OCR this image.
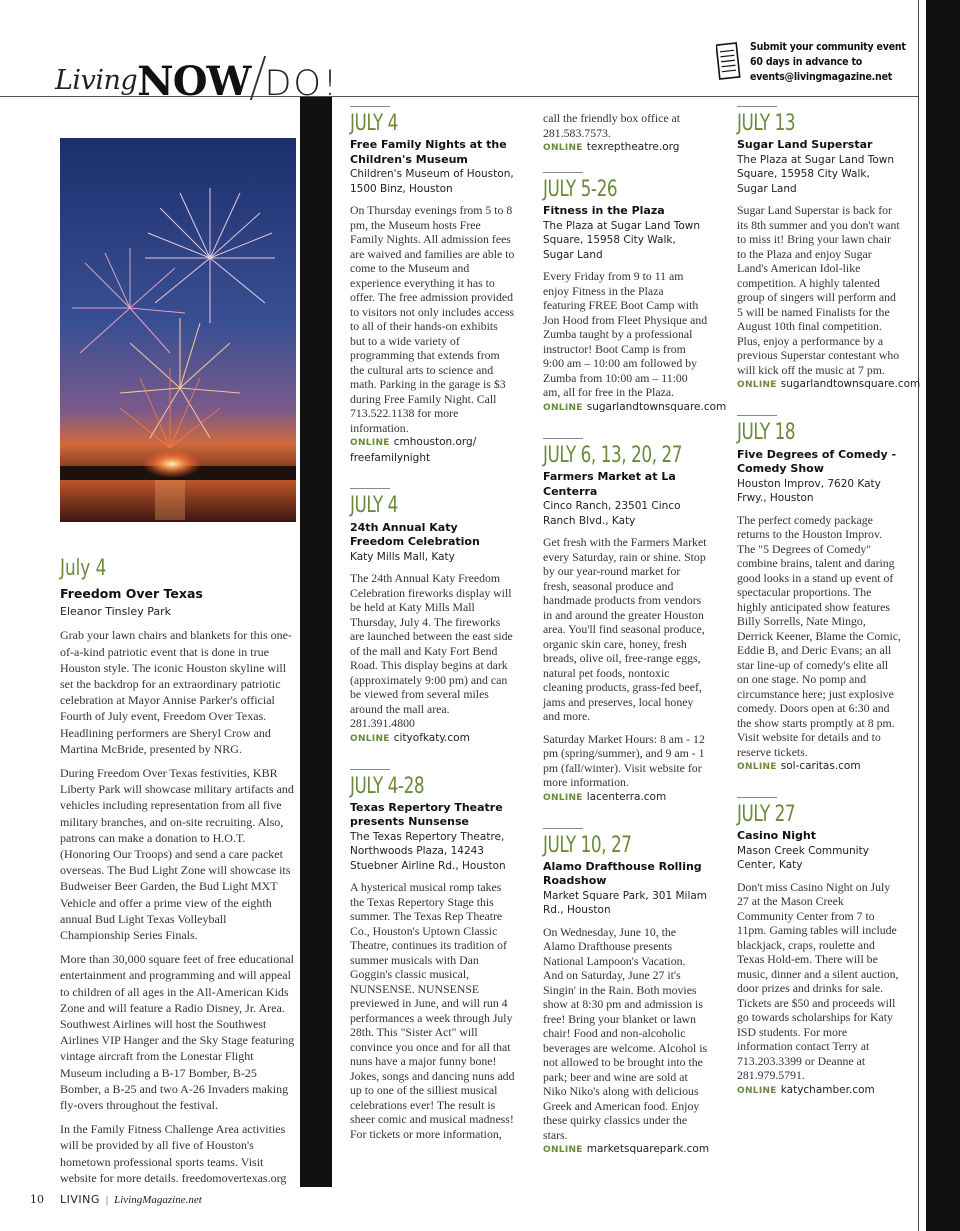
Living NOW DO!
Submit your community event
60 days in advance to
events@livingmagazine.net
July 4
Freedom Over Texas
Eleanor Tinsley Park

Grab your lawn chairs and blankets for this one-of-a-kind patriotic event that is done in true Houston style. The iconic Houston skyline will set the backdrop for an extraordinary patriotic celebration at Mayor Annise Parker's official Fourth of July event, Freedom Over Texas. Headlining performers are Sheryl Crow and Martina McBride, presented by NRG.

During Freedom Over Texas festivities, KBR Liberty Park will showcase military artifacts and vehicles including representation from all five military branches, and on-site recruiting. Also, patrons can make a donation to H.O.T. (Honoring Our Troops) and send a care packet overseas. The Bud Light Zone will showcase its Budweiser Beer Garden, the Bud Light MXT Vehicle and offer a prime view of the eighth annual Bud Light Texas Volleyball Championship Series Finals.

More than 30,000 square feet of free educational entertainment and programming and will appeal to children of all ages in the All-American Kids Zone and will feature a Radio Disney, Jr. Area. Southwest Airlines will host the Southwest Airlines VIP Hanger and the Sky Stage featuring vintage aircraft from the Lonestar Flight Museum including a B-17 Bomber, B-25 Bomber, a B-25 and two A-26 Invaders making fly-overs throughout the festival.

In the Family Fitness Challenge Area activities will be provided by all five of Houston's hometown professional sports teams. Visit website for more details. freedomovertexas.org

JULY 4
Free Family Nights at the Children's Museum
Children's Museum of Houston, 1500 Binz, Houston

On Thursday evenings from 5 to 8 pm, the Museum hosts Free Family Nights. All admission fees are waived and families are able to come to the Museum and experience everything it has to offer. The free admission provided to visitors not only includes access to all of their hands-on exhibits but to a wide variety of programming that extends from the cultural arts to science and math. Parking in the garage is $3 during Free Family Night. Call 713.522.1138 for more information.

ONLINE cmhouston.org/ freefamilynight
JULY 4
24th Annual Katy Freedom Celebration
Katy Mills Mall, Katy

The 24th Annual Katy Freedom Celebration fireworks display will be held at Katy Mills Mall Thursday, July 4. The fireworks are launched between the east side of the mall and Katy Fort Bend Road. This display begins at dark (approximately 9:00 pm) and can be viewed from several miles around the mall area. 281.391.4800

ONLINE cityofkaty.com
JULY 4-28
Texas Repertory Theatre presents Nunsense
The Texas Repertory Theatre, Northwoods Plaza, 14243 Stuebner Airline Rd., Houston

A hysterical musical romp takes the Texas Repertory Stage this summer. The Texas Rep Theatre Co., Houston's Uptown Classic Theatre, continues its tradition of summer musicals with Dan Goggin's classic musical, NUNSENSE. NUNSENSE previewed in June, and will run 4 performances a week through July 28th. This "Sister Act" will convince you once and for all that nuns have a major funny bone! Jokes, songs and dancing nuns add up to one of the silliest musical celebrations ever! The result is sheer comic and musical madness! For tickets or more information,

call the friendly box office at 281.583.7573.

ONLINE texreptheatre.org
JULY 5-26
Fitness in the Plaza
The Plaza at Sugar Land Town Square, 15958 City Walk, Sugar Land

Every Friday from 9 to 11 am enjoy Fitness in the Plaza featuring FREE Boot Camp with Jon Hood from Fleet Physique and Zumba taught by a professional instructor! Boot Camp is from 9:00 am – 10:00 am followed by Zumba from 10:00 am – 11:00 am, all for free in the Plaza.

ONLINE sugarlandtownsquare.com
JULY 6, 13, 20, 27
Farmers Market at La Centerra
Cinco Ranch, 23501 Cinco Ranch Blvd., Katy

Get fresh with the Farmers Market every Saturday, rain or shine. Stop by our year-round market for fresh, seasonal produce and handmade products from vendors in and around the greater Houston area. You'll find seasonal produce, organic skin care, honey, fresh breads, olive oil, free-range eggs, natural pet foods, nontoxic cleaning products, grass-fed beef, jams and preserves, local honey and more.

Saturday Market Hours: 8 am - 12 pm (spring/summer), and 9 am - 1 pm (fall/winter). Visit website for more information.

ONLINE lacenterra.com
JULY 10, 27
Alamo Drafthouse Rolling Roadshow
Market Square Park, 301 Milam Rd., Houston

On Wednesday, June 10, the Alamo Drafthouse presents National Lampoon's Vacation. And on Saturday, June 27 it's Singin' in the Rain. Both movies show at 8:30 pm and admission is free! Bring your blanket or lawn chair! Food and non-alcoholic beverages are welcome. Alcohol is not allowed to be brought into the park; beer and wine are sold at Niko Niko's along with delicious Greek and American food. Enjoy these quirky classics under the stars.

ONLINE marketsquarepark.com
JULY 13
Sugar Land Superstar
The Plaza at Sugar Land Town Square, 15958 City Walk, Sugar Land

Sugar Land Superstar is back for its 8th summer and you don't want to miss it! Bring your lawn chair to the Plaza and enjoy Sugar Land's American Idol-like competition. A highly talented group of singers will perform and 5 will be named Finalists for the August 10th final competition. Plus, enjoy a performance by a previous Superstar contestant who will kick off the music at 7 pm.

ONLINE sugarlandtownsquare.com
JULY 18
Five Degrees of Comedy - Comedy Show
Houston Improv, 7620 Katy Frwy., Houston

The perfect comedy package returns to the Houston Improv. The "5 Degrees of Comedy" combine brains, talent and daring good looks in a stand up event of spectacular proportions. The highly anticipated show features Billy Sorrells, Nate Mingo, Derrick Keener, Blame the Comic, Eddie B, and Deric Evans; an all star line-up of comedy's elite all on one stage. No pomp and circumstance here; just explosive comedy. Doors open at 6:30 and the show starts promptly at 8 pm. Visit website for details and to reserve tickets.

ONLINE sol-caritas.com
JULY 27
Casino Night
Mason Creek Community Center, Katy

Don't miss Casino Night on July 27 at the Mason Creek Community Center from 7 to 11pm. Gaming tables will include blackjack, craps, roulette and Texas Hold-em. There will be music, dinner and a silent auction, door prizes and drinks for sale. Tickets are $50 and proceeds will go towards scholarships for Katy ISD students. For more information contact Terry at 713.203.3399 or Deanne at 281.979.5791.

ONLINE katychamber.com
10 LIVING | LivingMagazine.net
